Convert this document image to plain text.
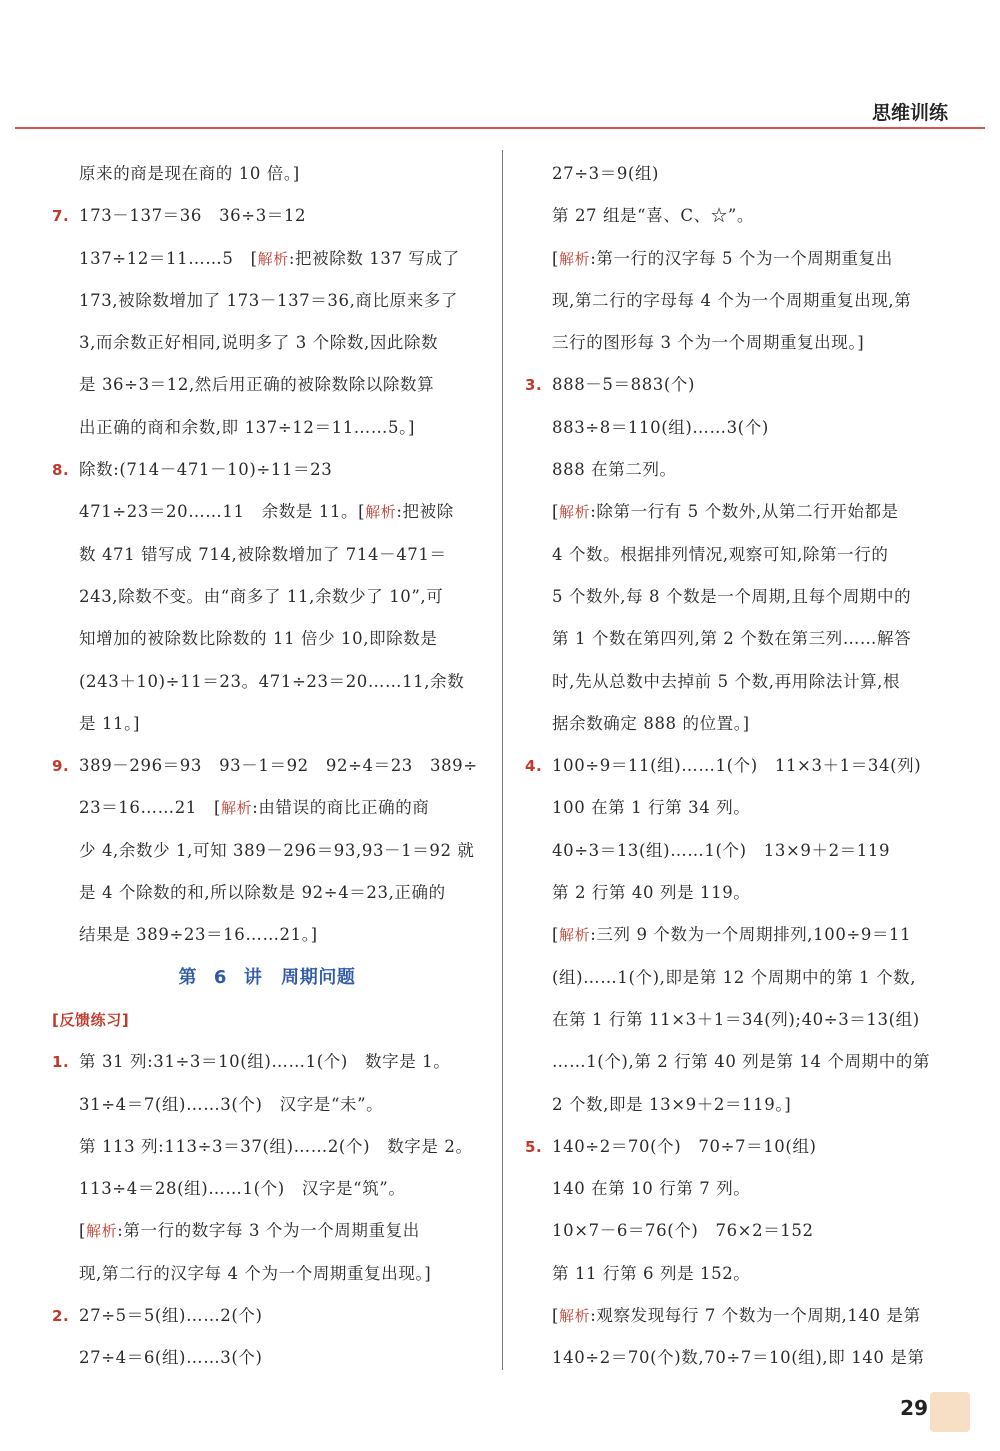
思维训练
原来的商是现在商的 10 倍。]
7. 173－137＝36　36÷3＝12
137÷12＝11……5　[解析:把被除数 137 写成了
173,被除数增加了 173－137＝36,商比原来多了
3,而余数正好相同,说明多了 3 个除数,因此除数
是 36÷3＝12,然后用正确的被除数除以除数算
出正确的商和余数,即 137÷12＝11……5。]
8. 除数:(714－471－10)÷11＝23
471÷23＝20……11　余数是 11。[解析:把被除
数 471 错写成 714,被除数增加了 714－471＝
243,除数不变。由“商多了 11,余数少了 10”,可
知增加的被除数比除数的 11 倍少 10,即除数是
(243＋10)÷11＝23。471÷23＝20……11,余数
是 11。]
9. 389－296＝93　93－1＝92　92÷4＝23　389÷
23＝16……21　[解析:由错误的商比正确的商
少 4,余数少 1,可知 389－296＝93,93－1＝92 就
是 4 个除数的和,所以除数是 92÷4＝23,正确的
结果是 389÷23＝16……21。]
第 6 讲　周期问题
[反馈练习]
1. 第 31 列:31÷3＝10(组)……1(个)　数字是 1。
31÷4＝7(组)……3(个)　汉字是“未”。
第 113 列:113÷3＝37(组)……2(个)　数字是 2。
113÷4＝28(组)……1(个)　汉字是“筑”。
[解析:第一行的数字每 3 个为一个周期重复出
现,第二行的汉字每 4 个为一个周期重复出现。]
2. 27÷5＝5(组)……2(个)
27÷4＝6(组)……3(个)
27÷3＝9(组)
第 27 组是“喜、C、☆”。
[解析:第一行的汉字每 5 个为一个周期重复出
现,第二行的字母每 4 个为一个周期重复出现,第
三行的图形每 3 个为一个周期重复出现。]
3. 888－5＝883(个)
883÷8＝110(组)……3(个)
888 在第二列。
[解析:除第一行有 5 个数外,从第二行开始都是
4 个数。根据排列情况,观察可知,除第一行的
5 个数外,每 8 个数是一个周期,且每个周期中的
第 1 个数在第四列,第 2 个数在第三列……解答
时,先从总数中去掉前 5 个数,再用除法计算,根
据余数确定 888 的位置。]
4. 100÷9＝11(组)……1(个)　11×3＋1＝34(列)
100 在第 1 行第 34 列。
40÷3＝13(组)……1(个)　13×9＋2＝119
第 2 行第 40 列是 119。
[解析:三列 9 个数为一个周期排列,100÷9＝11
(组)……1(个),即是第 12 个周期中的第 1 个数,
在第 1 行第 11×3＋1＝34(列);40÷3＝13(组)
……1(个),第 2 行第 40 列是第 14 个周期中的第
2 个数,即是 13×9＋2＝119。]
5. 140÷2＝70(个)　70÷7＝10(组)
140 在第 10 行第 7 列。
10×7－6＝76(个)　76×2＝152
第 11 行第 6 列是 152。
[解析:观察发现每行 7 个数为一个周期,140 是第
140÷2＝70(个)数,70÷7＝10(组),即 140 是第
29
